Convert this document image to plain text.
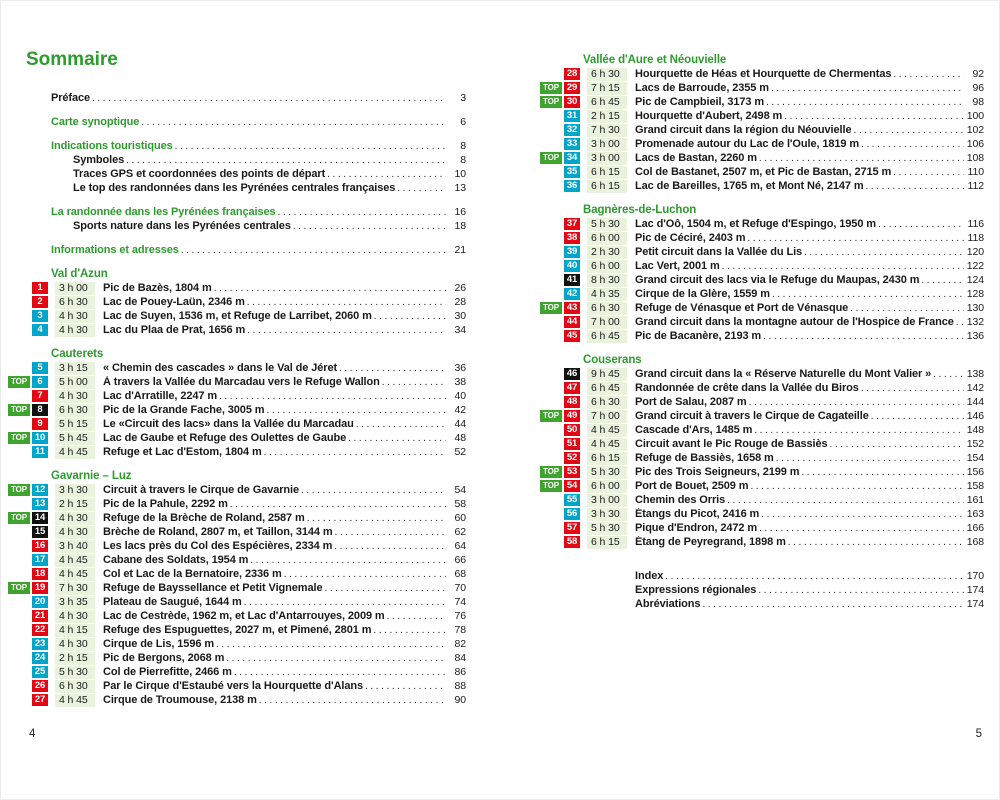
Sommaire
Préface . . .	3
Carte synoptique . . .	6
Indications touristiques . . .	8
Symboles . . .	8
Traces GPS et coordonnées des points de départ . . .	10
Le top des randonnées dans les Pyrénées centrales françaises . . .	13
La randonnée dans les Pyrénées françaises . . .	16
Sports nature dans les Pyrénées centrales . . .	18
Informations et adresses . . .	21
Val d'Azun
1	3 h 00	Pic de Bazès, 1804 m . . .	26
2	6 h 30	Lac de Pouey-Laün, 2346 m . . .	28
3	4 h 30	Lac de Suyen, 1536 m, et Refuge de Larribet, 2060 m . . .	30
4	4 h 30	Lac du Plaa de Prat, 1656 m . . .	34
Cauterets
5	3 h 15	« Chemin des cascades » dans le Val de Jéret . . .	36
TOP	6	5 h 00	À travers la Vallée du Marcadau vers le Refuge Wallon . . .	38
7	4 h 30	Lac d'Arratille, 2247 m . . .	40
TOP	8	6 h 30	Pic de la Grande Fache, 3005 m . . .	42
9	5 h 15	Le «Circuit des lacs» dans la Vallée du Marcadau . . .	44
TOP 10	5 h 45	Lac de Gaube et Refuge des Oulettes de Gaube . . .	48
11	4 h 45	Refuge et Lac d'Estom, 1804 m . . .	52
Gavarnie – Luz
TOP 12	3 h 30	Circuit à travers le Cirque de Gavarnie . . .	54
13	2 h 15	Pic de la Pahule, 2292 m . . .	58
TOP 14	4 h 30	Refuge de la Brèche de Roland, 2587 m . . .	60
15	4 h 30	Brèche de Roland, 2807 m, et Taillon, 3144 m . . .	62
16	3 h 40	Les lacs près du Col des Espécières, 2334 m . . .	64
17	4 h 45	Cabane des Soldats, 1954 m . . .	66
18	4 h 45	Col et Lac de la Bernatoire, 2336 m . . .	68
TOP 19	7 h 30	Refuge de Bayssellance et Petit Vignemale . . .	70
20	3 h 35	Plateau de Saugué, 1644 m . . .	74
21	4 h 30	Lac de Cestrède, 1962 m, et Lac d'Antarrouyes, 2009 m . . .	76
22	4 h 15	Refuge des Espuguettes, 2027 m, et Pimené, 2801 m . . .	78
23	4 h 30	Cirque de Lis, 1596 m . . .	82
24	2 h 15	Pic de Bergons, 2068 m . . .	84
25	5 h 30	Col de Pierrefitte, 2466 m . . .	86
26	6 h 30	Par le Cirque d'Estaubé vers la Hourquette d'Alans . . .	88
27	4 h 45	Cirque de Troumouse, 2138 m . . .	90
Vallée d'Aure et Néouvielle
28	6 h 30	Hourquette de Héas et Hourquette de Chermentas . . .	92
TOP 29	7 h 15	Lacs de Barroude, 2355 m . . .	96
TOP 30	6 h 45	Pic de Campbieil, 3173 m . . .	98
31	2 h 15	Hourquette d'Aubert, 2498 m . . .	100
32	7 h 30	Grand circuit dans la région du Néouvielle . . .	102
33	3 h 00	Promenade autour du Lac de l'Oule, 1819 m . . .	106
TOP 34	3 h 00	Lacs de Bastan, 2260 m . . .	108
35	6 h 15	Col de Bastanet, 2507 m, et Pic de Bastan, 2715 m . . .	110
36	6 h 15	Lac de Bareilles, 1765 m, et Mont Né, 2147 m . . .	112
Bagnères-de-Luchon
37	5 h 30	Lac d'Oô, 1504 m, et Refuge d'Espingo, 1950 m . . .	116
38	6 h 00	Pic de Céciré, 2403 m . . .	118
39	2 h 30	Petit circuit dans la Vallée du Lis . . .	120
40	6 h 00	Lac Vert, 2001 m . . .	122
41	8 h 30	Grand circuit des lacs via le Refuge du Maupas, 2430 m . . .	124
42	4 h 35	Cirque de la Glère, 1559 m . . .	128
TOP 43	6 h 30	Refuge de Vénasque et Port de Vénasque . . .	130
44	7 h 00	Grand circuit dans la montagne autour de l'Hospice de France . . . 132
45	6 h 45	Pic de Bacanère, 2193 m . . .	136
Couserans
46	9 h 45	Grand circuit dans la « Réserve Naturelle du Mont Valier » . . .	138
47	6 h 45	Randonnée de crête dans la Vallée du Biros . . .	142
48	6 h 30	Port de Salau, 2087 m . . .	144
TOP 49	7 h 00	Grand circuit à travers le Cirque de Cagateille . . .	146
50	4 h 45	Cascade d'Ars, 1485 m . . .	148
51	4 h 45	Circuit avant le Pic Rouge de Bassiès . . .	152
52	6 h 15	Refuge de Bassiès, 1658 m . . .	154
TOP 53	5 h 30	Pic des Trois Seigneurs, 2199 m . . .	156
TOP 54	6 h 00	Port de Bouet, 2509 m . . .	158
55	3 h 00	Chemin des Orris . . .	161
56	3 h 30	Étangs du Picot, 2416 m . . .	163
57	5 h 30	Pique d'Endron, 2472 m . . .	166
58	6 h 15	Étang de Peyregrand, 1898 m . . .	168
Index . . .	170
Expressions régionales . . .	174
Abréviations . . .	174
4	5
